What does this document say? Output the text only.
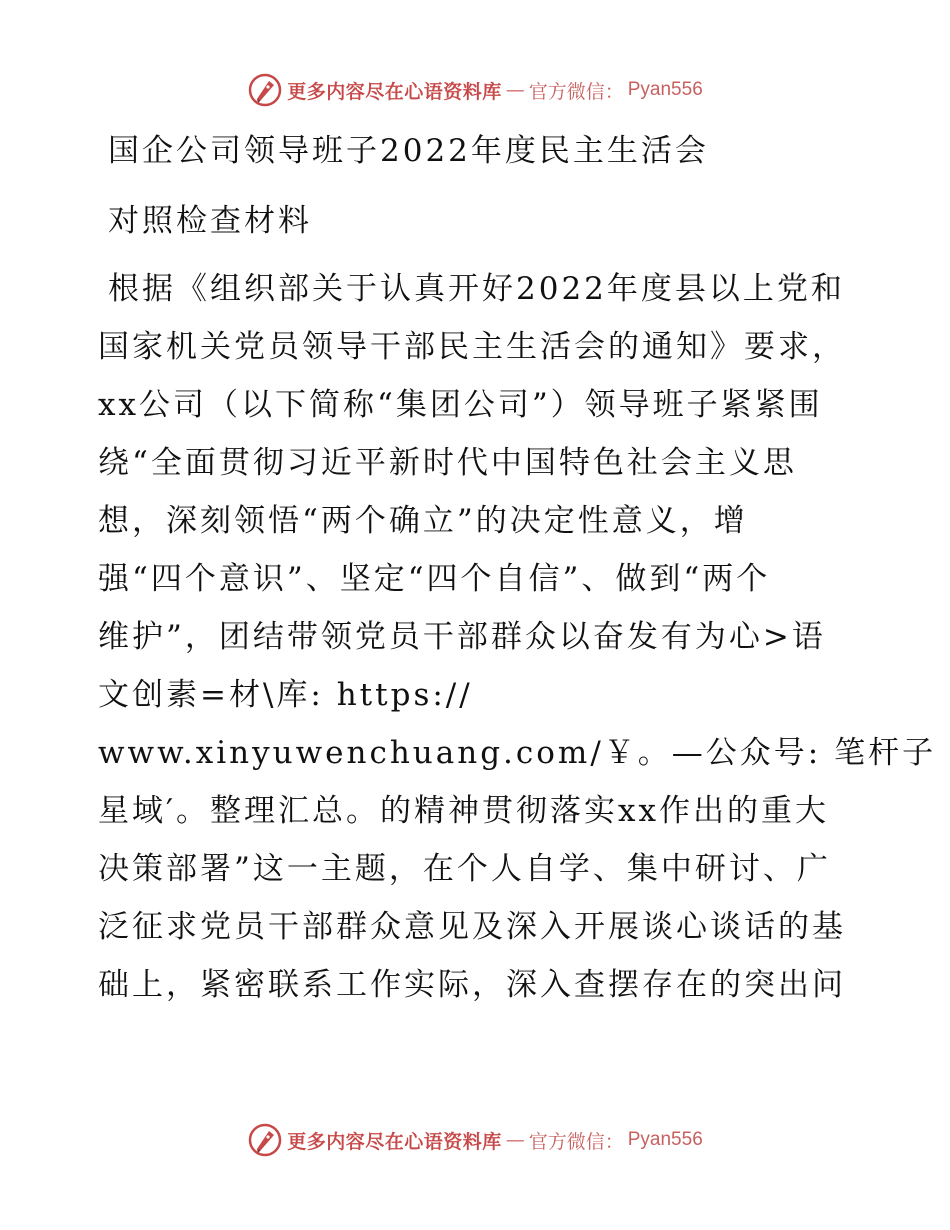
更多内容尽在心语资料库 — 官方微信： Pyan556
国企公司领导班子2022年度民主生活会
对照检查材料
根据《组织部关于认真开好2022年度县以上党和
国家机关党员领导干部民主生活会的通知》要求，
xx公司（以下简称“集团公司”）领导班子紧紧围
绕“全面贯彻习近平新时代中国特色社会主义思
想，深刻领悟“两个确立”的决定性意义，增
强“四个意识”、坚定“四个自信”、做到“两个
维护”，团结带领党员干部群众以奋发有为心>语
文创素=材\库: https://
www.xinyuwenchuang.com/￥。—公众号: 笔杆子
星域′。整理汇总。的精神贯彻落实xx作出的重大
决策部署”这一主题，在个人自学、集中研讨、广
泛征求党员干部群众意见及深入开展谈心谈话的基
础上，紧密联系工作实际，深入查摆存在的突出问
更多内容尽在心语资料库 — 官方微信： Pyan556
